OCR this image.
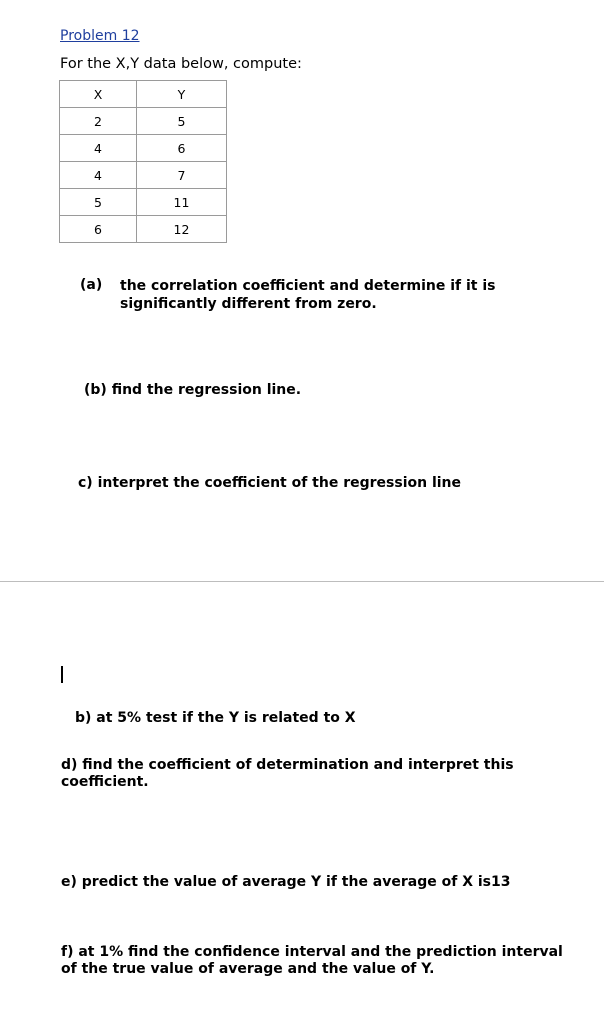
Problem 12
For the X,Y data below, compute:
X	Y
2	5
4	6
4	7
5	11
6	12
(a) the correlation coefficient and determine if it is significantly different from zero.
(b) find the regression line.
c) interpret the coefficient of the regression line
b) at 5% test if the Y is related to X
d) find the coefficient of determination and interpret this coefficient.
e) predict the value of average Y if the average of X is13
f) at 1% find the confidence interval and the prediction interval of the true value of average and the value of Y.
